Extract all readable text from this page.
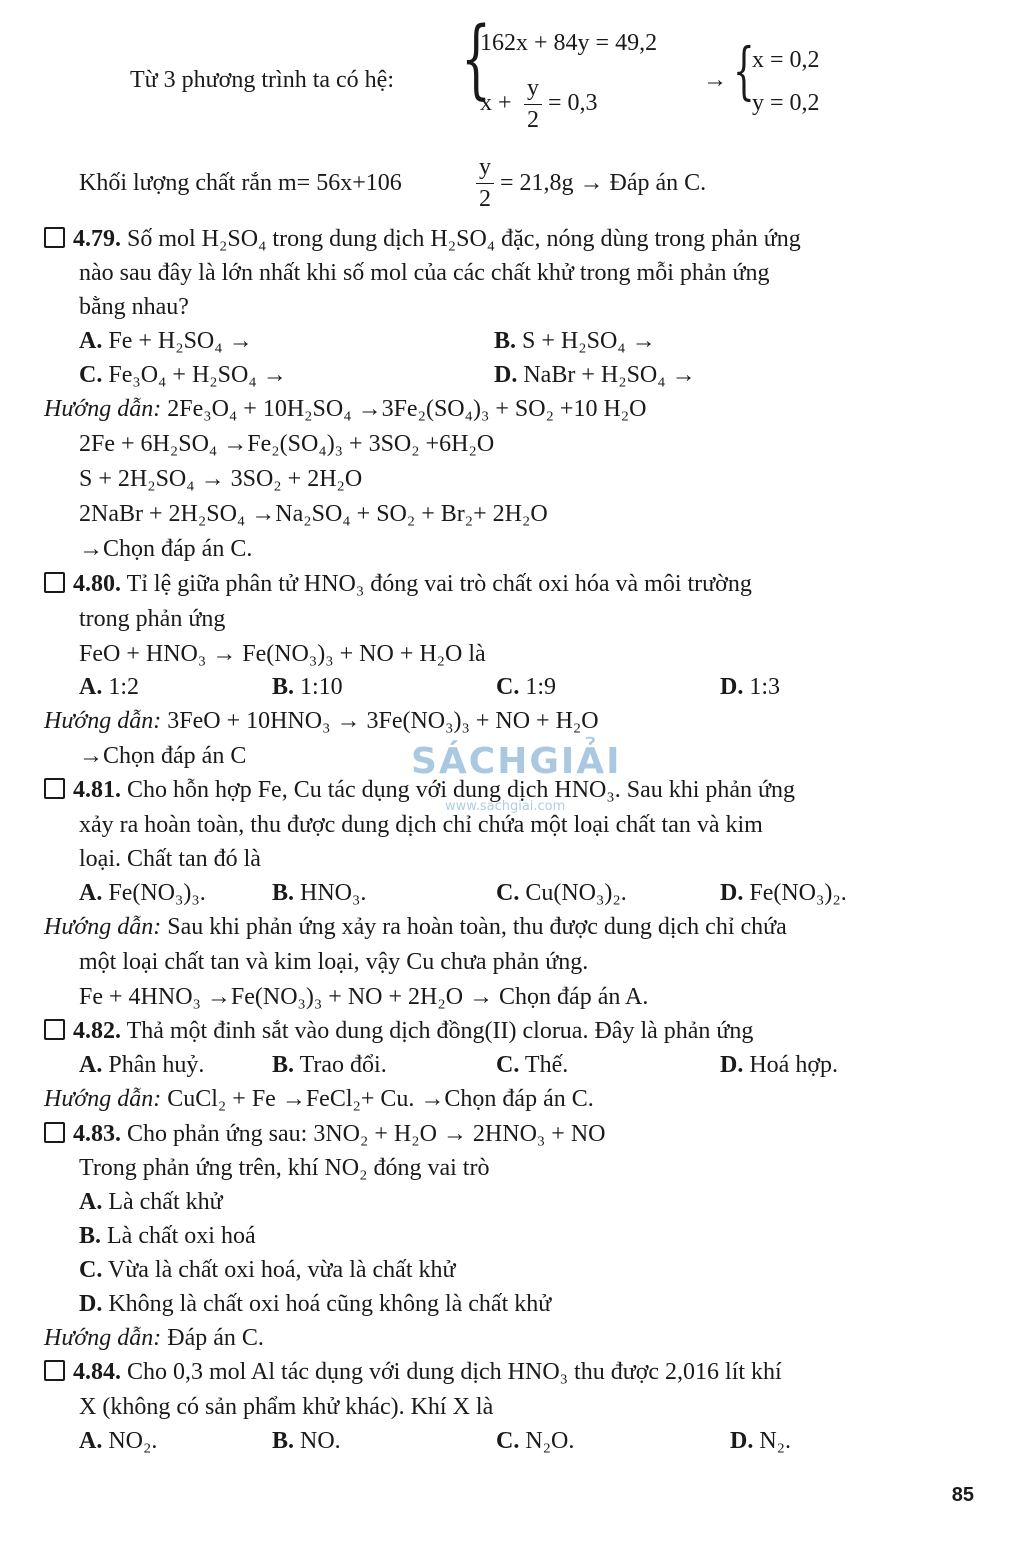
SÁCHGIẢI
www.sachgiai.com
Từ 3 phương trình ta có hệ: {
162x + 84y = 49,2
x +
y
2
= 0,3
→ {
x = 0,2
y = 0,2
Khối lượng chất rắn m= 56x+106
y
2
= 21,8g → Đáp án C.
4.79. Số mol H₂SO₄ trong dung dịch H₂SO₄ đặc, nóng dùng trong phản ứng
nào sau đây là lớn nhất khi số mol của các chất khử trong mỗi phản ứng
bằng nhau?
A. Fe + H₂SO₄ →	B. S + H₂SO₄ →
C. Fe₃O₄ + H₂SO₄ →	D. NaBr + H₂SO₄ →
Hướng dẫn: 2Fe₃O₄ + 10H₂SO₄ →3Fe₂(SO₄)₃ + SO₂ +10 H₂O
2Fe + 6H₂SO₄ →Fe₂(SO₄)₃ + 3SO₂ +6H₂O
S + 2H₂SO₄ → 3SO₂ + 2H₂O
2NaBr + 2H₂SO₄ →Na₂SO₄ + SO₂ + Br₂+ 2H₂O
→Chọn đáp án C.
4.80. Tỉ lệ giữa phân tử HNO₃ đóng vai trò chất oxi hóa và môi trường
trong phản ứng
FeO + HNO₃ → Fe(NO₃)₃ + NO + H₂O là
A. 1:2	B. 1:10	C. 1:9	D. 1:3
Hướng dẫn: 3FeO + 10HNO₃ → 3Fe(NO₃)₃ + NO + H₂O
→Chọn đáp án C
4.81. Cho hỗn hợp Fe, Cu tác dụng với dung dịch HNO₃. Sau khi phản ứng
xảy ra hoàn toàn, thu được dung dịch chỉ chứa một loại chất tan và kim
loại. Chất tan đó là
A. Fe(NO₃)₃.	B. HNO₃.	C. Cu(NO₃)₂.	D. Fe(NO₃)₂.
Hướng dẫn: Sau khi phản ứng xảy ra hoàn toàn, thu được dung dịch chỉ chứa
một loại chất tan và kim loại, vậy Cu chưa phản ứng.
Fe + 4HNO₃ →Fe(NO₃)₃ + NO + 2H₂O → Chọn đáp án A.
4.82. Thả một đinh sắt vào dung dịch đồng(II) clorua. Đây là phản ứng
A. Phân huỷ.	B. Trao đổi.	C. Thế.	D. Hoá hợp.
Hướng dẫn: CuCl₂ + Fe →FeCl₂+ Cu. →Chọn đáp án C.
4.83. Cho phản ứng sau: 3NO₂ + H₂O → 2HNO₃ + NO
Trong phản ứng trên, khí NO₂ đóng vai trò
A. Là chất khử
B. Là chất oxi hoá
C. Vừa là chất oxi hoá, vừa là chất khử
D. Không là chất oxi hoá cũng không là chất khử
Hướng dẫn: Đáp án C.
4.84. Cho 0,3 mol Al tác dụng với dung dịch HNO₃ thu được 2,016 lít khí
X (không có sản phẩm khử khác). Khí X là
A. NO₂.	B. NO.	C. N₂O.	D. N₂.
85
